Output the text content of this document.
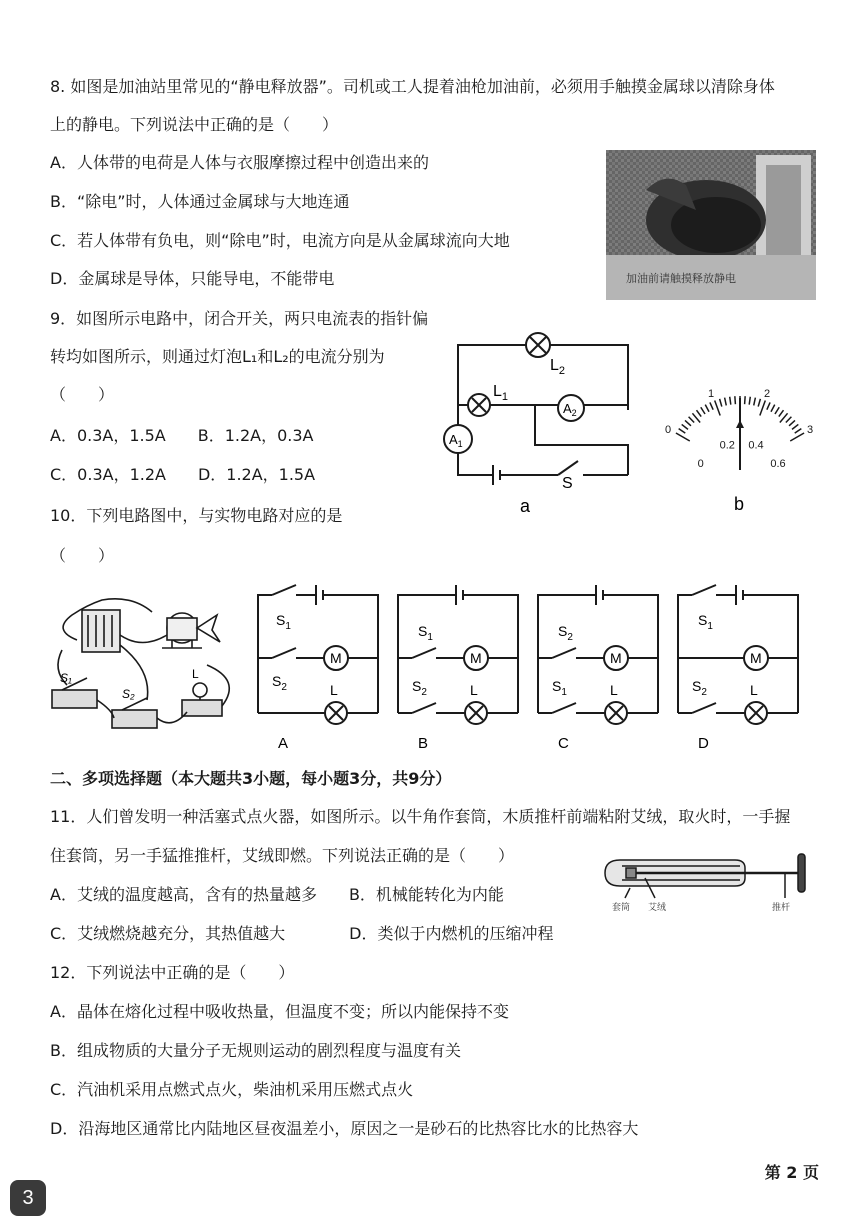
8. 如图是加油站里常见的“静电释放器”。司机或工人提着油枪加油前，必须用手触摸金属球以清除身体
上的静电。下列说法中正确的是（　　）
A．人体带的电荷是人体与衣服摩擦过程中创造出来的
B．“除电”时，人体通过金属球与大地连通
C．若人体带有负电，则“除电”时，电流方向是从金属球流向大地
D．金属球是导体，只能导电，不能带电	加油前请触摸释放静电
9．如图所示电路中，闭合开关，两只电流表的指针偏
转均如图所示，则通过灯泡L₁和L₂的电流分别为
（　　）
A．0.3A，1.5A　　B．1.2A，0.3A
C．0.3A，1.2A　　D．1.2A，1.5A
$L_2$
$L_1$
$A_2$
$A_1$
S
a
0
1	2
3
0
0.2 0.4
0.6
b
10．下列电路图中，与实物电路对应的是
（　　）
S₁
S₂
L
$S_1$
$S_2$
M
L
A
$S_1$
$S_2$
M
L
B
$S_2$
$S_1$
M
L
C
$S_1$
$S_2$
M
L
D
二、多项选择题（本大题共3小题，每小题3分，共9分）
11．人们曾发明一种活塞式点火器，如图所示。以牛角作套筒，木质推杆前端粘附艾绒，取火时，一手握
住套筒，另一手猛推推杆，艾绒即燃。下列说法正确的是（　　）
A．艾绒的温度越高，含有的热量越多　　B．机械能转化为内能
C．艾绒燃烧越充分，其热值越大　　　　D．类似于内燃机的压缩冲程
套筒 艾绒	推杆
12．下列说法中正确的是（　　）
A．晶体在熔化过程中吸收热量，但温度不变；所以内能保持不变
B．组成物质的大量分子无规则运动的剧烈程度与温度有关
C．汽油机采用点燃式点火，柴油机采用压燃式点火
D．沿海地区通常比内陆地区昼夜温差小，原因之一是砂石的比热容比水的比热容大
第 2 页
3
